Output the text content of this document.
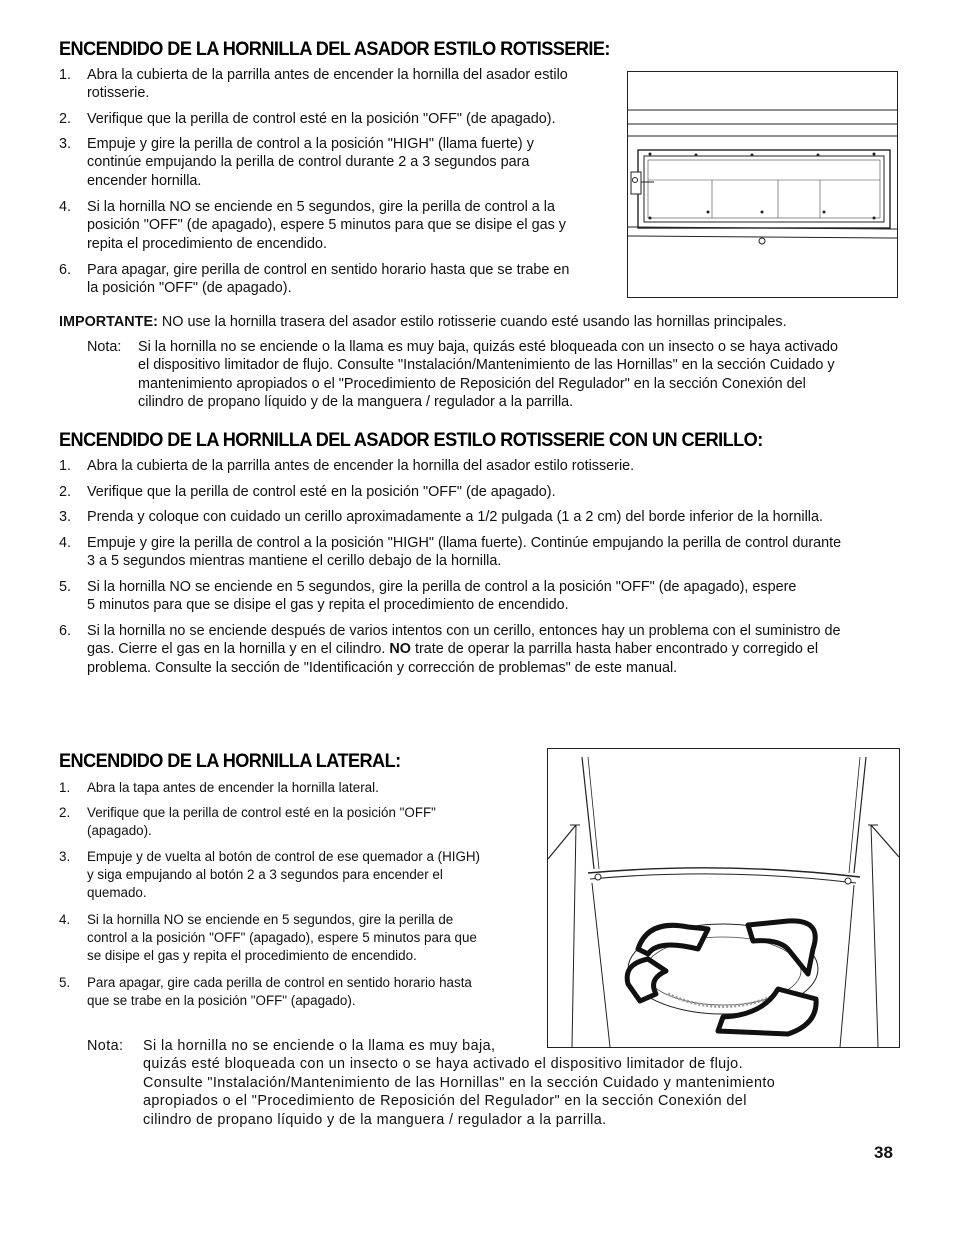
ENCENDIDO DE LA HORNILLA DEL ASADOR ESTILO ROTISSERIE:
1. Abra la cubierta de la parrilla antes de encender la hornilla del asador estilo
rotisserie.
2. Verifique que la perilla de control esté en la posición "OFF" (de apagado).
3. Empuje y gire la perilla de control a la posición "HIGH" (llama fuerte) y
continúe empujando la perilla de control durante 2 a 3 segundos para
encender hornilla.
4. Si la hornilla NO se enciende en 5 segundos, gire la perilla de control a la
posición "OFF" (de apagado), espere 5 minutos para que se disipe el gas y
repita el procedimiento de encendido.
6. Para apagar, gire perilla de control en sentido horario hasta que se trabe en
la posición "OFF" (de apagado).
IMPORTANTE: NO use la hornilla trasera del asador estilo rotisserie cuando esté usando las hornillas principales.
Nota: Si la hornilla no se enciende o la llama es muy baja, quizás esté bloqueada con un insecto o se haya activado
el dispositivo limitador de flujo. Consulte "Instalación/Mantenimiento de las Hornillas" en la sección Cuidado y
mantenimiento apropiados o el "Procedimiento de Reposición del Regulador" en la sección Conexión del
cilindro de propano líquido y de la manguera / regulador a la parrilla.
ENCENDIDO DE LA HORNILLA DEL ASADOR ESTILO ROTISSERIE CON UN CERILLO:
1. Abra la cubierta de la parrilla antes de encender la hornilla del asador estilo rotisserie.
2. Verifique que la perilla de control esté en la posición "OFF" (de apagado).
3. Prenda y coloque con cuidado un cerillo aproximadamente a 1/2 pulgada (1 a 2 cm) del borde inferior de la hornilla.
4. Empuje y gire la perilla de control a la posición "HIGH" (llama fuerte). Continúe empujando la perilla de control durante
3 a 5 segundos mientras mantiene el cerillo debajo de la hornilla.
5. Si la hornilla NO se enciende en 5 segundos, gire la perilla de control a la posición "OFF" (de apagado), espere
5 minutos para que se disipe el gas y repita el procedimiento de encendido.
6. Si la hornilla no se enciende después de varios intentos con un cerillo, entonces hay un problema con el suministro de
gas. Cierre el gas en la hornilla y en el cilindro. NO trate de operar la parrilla hasta haber encontrado y corregido el
problema. Consulte la sección de "Identificación y corrección de problemas" de este manual.
ENCENDIDO DE LA HORNILLA LATERAL:
1. Abra la tapa antes de encender la hornilla lateral.
2. Verifique que la perilla de control esté en la posición "OFF"
(apagado).
3. Empuje y de vuelta al botón de control de ese quemador a (HIGH)
y siga empujando al botón 2 a 3 segundos para encender el
quemado.
4. Si la hornilla NO se enciende en 5 segundos, gire la perilla de
control a la posición "OFF" (apagado), espere 5 minutos para que
se disipe el gas y repita el procedimiento de encendido.
5. Para apagar, gire cada perilla de control en sentido horario hasta
que se trabe en la posición "OFF" (apagado).
Nota: Si la hornilla no se enciende o la llama es muy baja,
quizás esté bloqueada con un insecto o se haya activado el dispositivo limitador de flujo.
Consulte "Instalación/Mantenimiento de las Hornillas" en la sección Cuidado y mantenimiento
apropiados o el "Procedimiento de Reposición del Regulador" en la sección Conexión del
cilindro de propano líquido y de la manguera / regulador a la parrilla.
38
